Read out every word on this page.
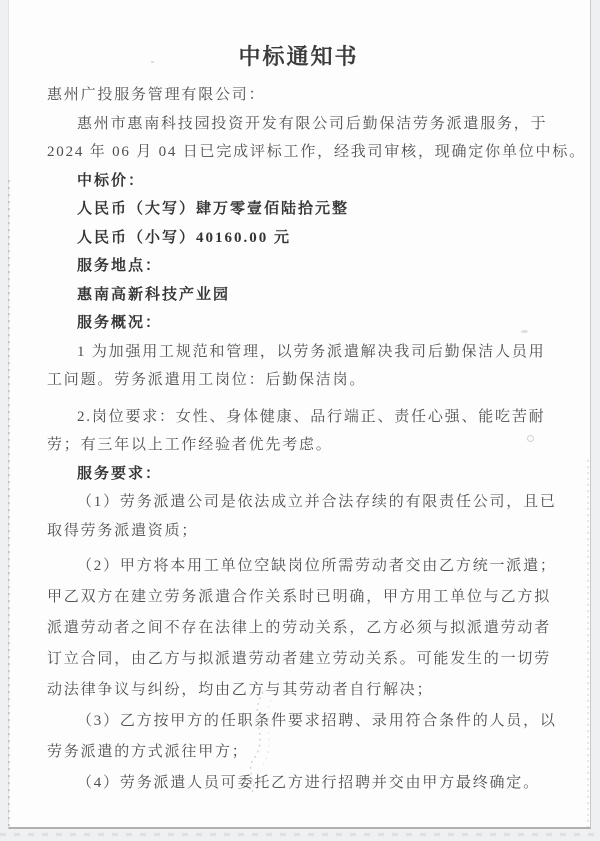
中标通知书

惠州广投服务管理有限公司：

惠州市惠南科技园投资开发有限公司后勤保洁劳务派遣服务，于

2024 年 06 月 04 日已完成评标工作，经我司审核，现确定你单位中标。

中标价：

人民币（大写）肆万零壹佰陆拾元整

人民币（小写）40160.00 元

服务地点：

惠南高新科技产业园

服务概况：

1 为加强用工规范和管理，以劳务派遣解决我司后勤保洁人员用

工问题。劳务派遣用工岗位：后勤保洁岗。

2.岗位要求：女性、身体健康、品行端正、责任心强、能吃苦耐

劳；有三年以上工作经验者优先考虑。

服务要求：

（1）劳务派遣公司是依法成立并合法存续的有限责任公司，且已

取得劳务派遣资质；

（2）甲方将本用工单位空缺岗位所需劳动者交由乙方统一派遣；

甲乙双方在建立劳务派遣合作关系时已明确，甲方用工单位与乙方拟

派遣劳动者之间不存在法律上的劳动关系，乙方必须与拟派遣劳动者

订立合同，由乙方与拟派遣劳动者建立劳动关系。可能发生的一切劳

动法律争议与纠纷，均由乙方与其劳动者自行解决；

（3）乙方按甲方的任职条件要求招聘、录用符合条件的人员，以

劳务派遣的方式派往甲方；

（4）劳务派遣人员可委托乙方进行招聘并交由甲方最终确定。
